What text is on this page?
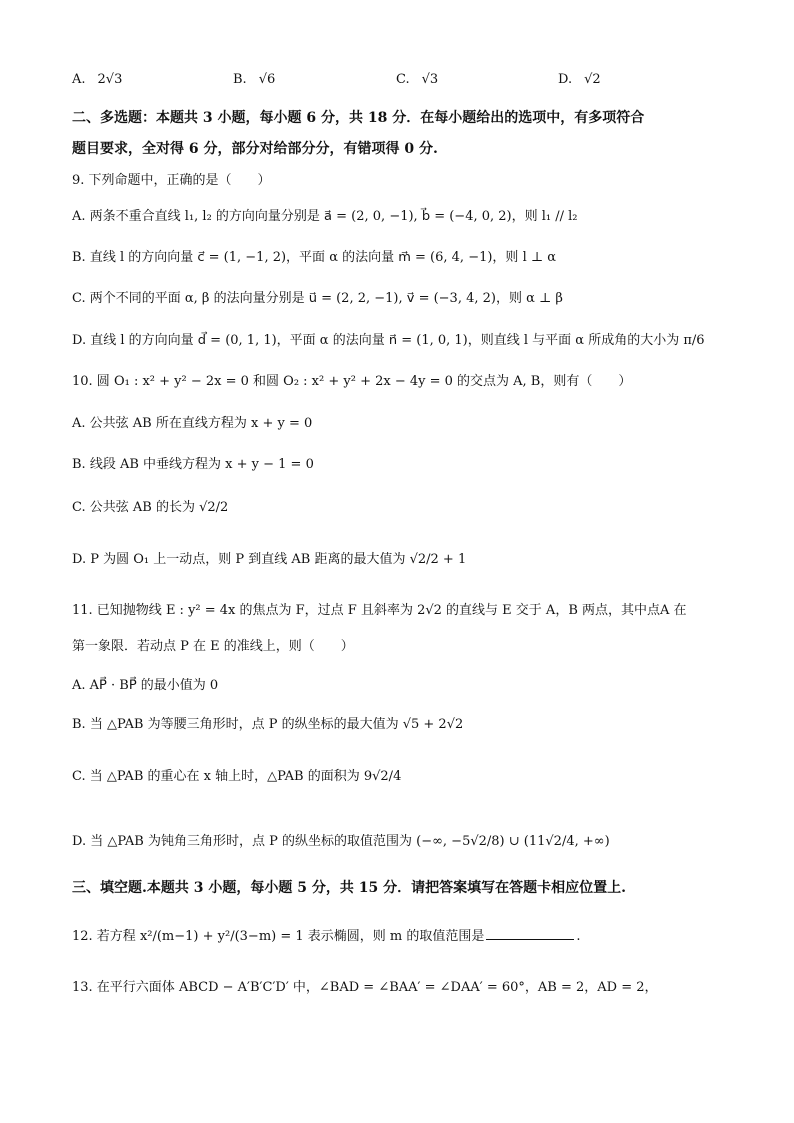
A. 2√3	B. √6	C. √3	D. √2
二、多选题：本题共 3 小题，每小题 6 分，共 18 分．在每小题给出的选项中，有多项符合
题目要求，全对得 6 分，部分对给部分分，有错项得 0 分.
9. 下列命题中，正确的是（　　）
A. 两条不重合直线 l₁, l₂ 的方向向量分别是 a⃗ = (2, 0, −1), b⃗ = (−4, 0, 2)，则 l₁ // l₂
B. 直线 l 的方向向量 c⃗ = (1, −1, 2)，平面 α 的法向量 m⃗ = (6, 4, −1)，则 l ⊥ α
C. 两个不同的平面 α, β 的法向量分别是 u⃗ = (2, 2, −1), v⃗ = (−3, 4, 2)，则 α ⊥ β
D. 直线 l 的方向向量 d⃗ = (0, 1, 1)，平面 α 的法向量 n⃗ = (1, 0, 1)，则直线 l 与平面 α 所成角的大小为 π/6
10. 圆 O₁ : x² + y² − 2x = 0 和圆 O₂ : x² + y² + 2x − 4y = 0 的交点为 A, B，则有（　　）
A. 公共弦 AB 所在直线方程为 x + y = 0
B. 线段 AB 中垂线方程为 x + y − 1 = 0
C. 公共弦 AB 的长为 √2/2
D. P 为圆 O₁ 上一动点，则 P 到直线 AB 距离的最大值为 √2/2 + 1
11. 已知抛物线 E : y² = 4x 的焦点为 F，过点 F 且斜率为 2√2 的直线与 E 交于 A，B 两点，其中点A 在
第一象限．若动点 P 在 E 的准线上，则（　　）
A. AP⃗ · BP⃗ 的最小值为 0
B. 当 △PAB 为等腰三角形时，点 P 的纵坐标的最大值为 √5 + 2√2
C. 当 △PAB 的重心在 x 轴上时，△PAB 的面积为 9√2/4
D. 当 △PAB 为钝角三角形时，点 P 的纵坐标的取值范围为 (−∞, −5√2/8) ∪ (11√2/4, +∞)
三、填空题.本题共 3 小题，每小题 5 分，共 15 分．请把答案填写在答题卡相应位置上.
12. 若方程 x²/(m−1) + y²/(3−m) = 1 表示椭圆，则 m 的取值范围是	.
13. 在平行六面体 ABCD − A′B′C′D′ 中，∠BAD = ∠BAA′ = ∠DAA′ = 60°，AB = 2，AD = 2，
